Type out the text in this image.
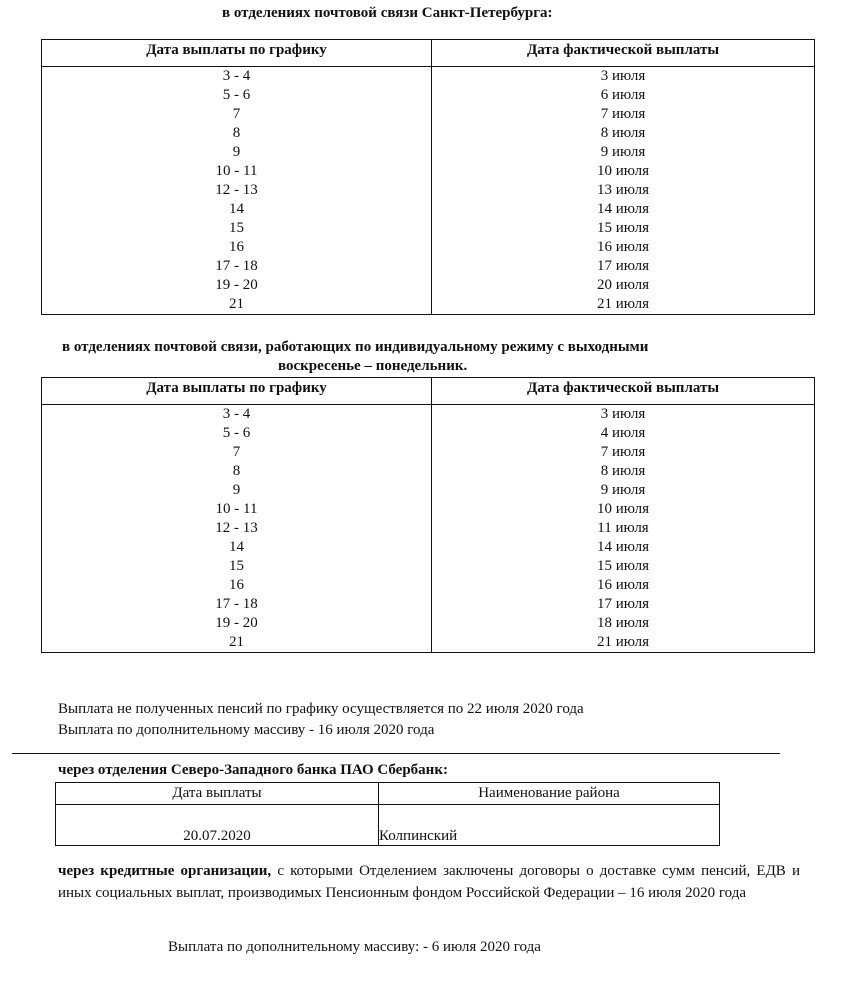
в отделениях почтовой связи Санкт-Петербурга:
Дата выплаты по графику	Дата фактической выплаты
3 - 4	3 июля
5 - 6	6 июля
7	7 июля
8	8 июля
9	9 июля
10 - 11	10 июля
12 - 13	13 июля
14	14 июля
15	15 июля
16	16 июля
17 - 18	17 июля
19 - 20	20 июля
21	21 июля
в отделениях почтовой связи, работающих по индивидуальному режиму с выходными
воскресенье – понедельник.
Дата выплаты по графику	Дата фактической выплаты
3 - 4	3 июля
5 - 6	4 июля
7	7 июля
8	8 июля
9	9 июля
10 - 11	10 июля
12 - 13	11 июля
14	14 июля
15	15 июля
16	16 июля
17 - 18	17 июля
19 - 20	18 июля
21	21 июля
Выплата не полученных пенсий по графику осуществляется по 22 июля 2020 года
Выплата по дополнительному массиву - 16 июля 2020 года
через отделения Северо-Западного банка ПАО Сбербанк:
Дата выплаты	Наименование района
20.07.2020	Колпинский
через кредитные организации, с которыми Отделением заключены договоры о доставке сумм пенсий, ЕДВ и иных социальных выплат, производимых Пенсионным фондом Российской Федерации – 16 июля 2020 года
Выплата по дополнительному массиву: - 6 июля 2020 года
